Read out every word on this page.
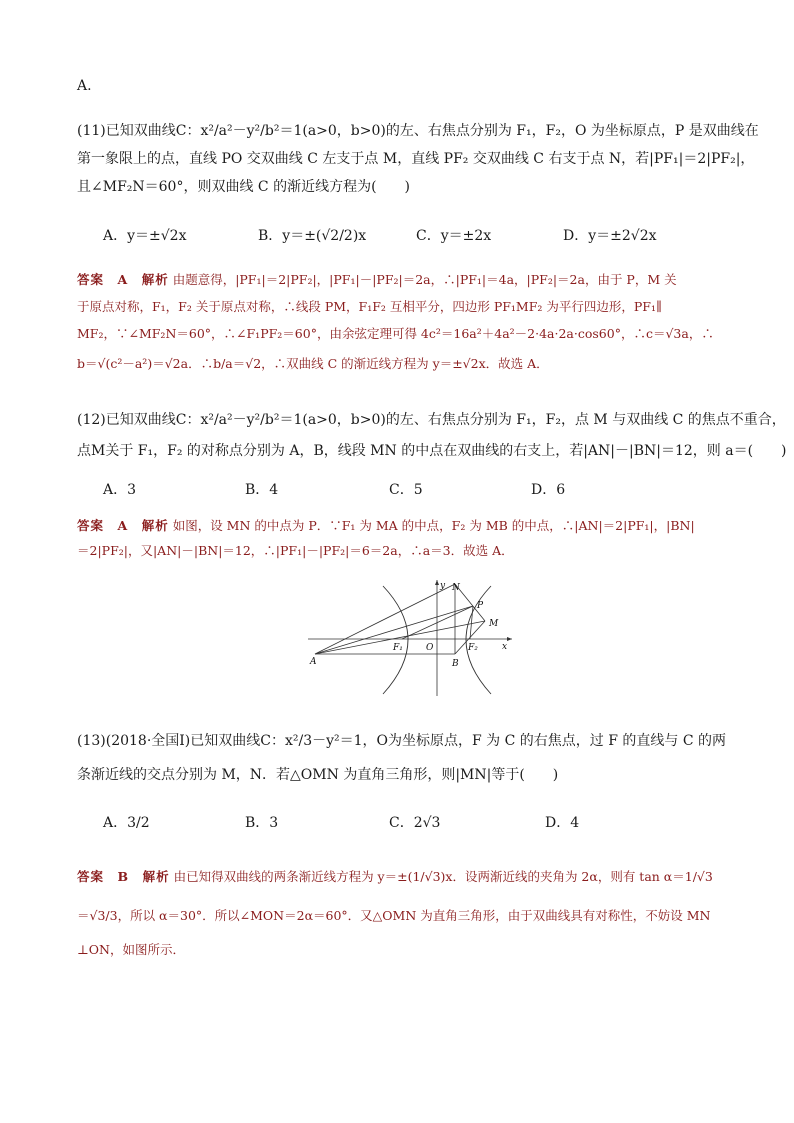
A.
(11)已知双曲线C：x²/a²－y²/b²＝1(a>0，b>0)的左、右焦点分别为 F₁，F₂，O 为坐标原点，P 是双曲线在
第一象限上的点，直线 PO 交双曲线 C 左支于点 M，直线 PF₂ 交双曲线 C 右支于点 N，若|PF₁|＝2|PF₂|，
且∠MF₂N＝60°，则双曲线 C 的渐近线方程为(　　)
A．y＝±√2x	B．y＝±(√2/2)x	C．y＝±2x	D．y＝±2√2x
答案　A　解析 由题意得，|PF₁|＝2|PF₂|，|PF₁|－|PF₂|＝2a，∴|PF₁|＝4a，|PF₂|＝2a，由于 P，M 关
于原点对称，F₁，F₂ 关于原点对称，∴线段 PM，F₁F₂ 互相平分，四边形 PF₁MF₂ 为平行四边形，PF₁∥
MF₂，∵∠MF₂N＝60°，∴∠F₁PF₂＝60°，由余弦定理可得 4c²＝16a²＋4a²－2·4a·2a·cos60°，∴c＝√3a，∴
b＝√(c²－a²)＝√2a．∴b/a＝√2，∴双曲线 C 的渐近线方程为 y＝±√2x．故选 A．
(12)已知双曲线C：x²/a²－y²/b²＝1(a>0，b>0)的左、右焦点分别为 F₁，F₂，点 M 与双曲线 C 的焦点不重合，
点M关于 F₁，F₂ 的对称点分别为 A，B，线段 MN 的中点在双曲线的右支上，若|AN|－|BN|＝12，则 a＝(　　)
A．3	B．4	C．5	D．6
答案　A　解析 如图，设 MN 的中点为 P．∵F₁ 为 MA 的中点，F₂ 为 MB 的中点，∴|AN|＝2|PF₁|，|BN|
＝2|PF₂|，又|AN|－|BN|＝12，∴|PF₁|－|PF₂|＝6＝2a，∴a＝3．故选 A．
A
F₁	O
B
F₂
P
M
N
x
y
(13)(2018·全国Ⅰ)已知双曲线C：x²/3－y²＝1，O为坐标原点，F 为 C 的右焦点，过 F 的直线与 C 的两
条渐近线的交点分别为 M，N．若△OMN 为直角三角形，则|MN|等于(　　)
A．3/2	B．3	C．2√3	D．4
答案　B　解析 由已知得双曲线的两条渐近线方程为 y＝±(1/√3)x．设两渐近线的夹角为 2α，则有 tan α＝1/√3
＝√3/3，所以 α＝30°．所以∠MON＝2α＝60°．又△OMN 为直角三角形，由于双曲线具有对称性，不妨设 MN
⊥ON，如图所示．
